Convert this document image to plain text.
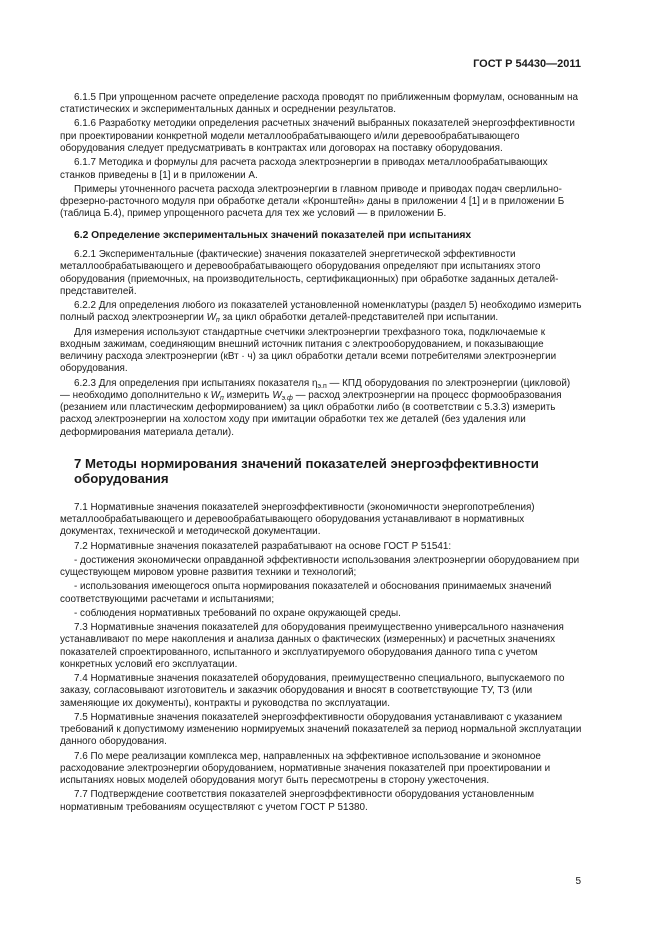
ГОСТ Р 54430—2011

6.1.5 При упрощенном расчете определение расхода проводят по приближенным формулам, основанным на статистических и экспериментальных данных и осреднении результатов.

6.1.6 Разработку методики определения расчетных значений выбранных показателей энергоэффективности при проектировании конкретной модели металлообрабатывающего и/или деревообрабатывающего оборудования следует предусматривать в контрактах или договорах на поставку оборудования.

6.1.7 Методика и формулы для расчета расхода электроэнергии в приводах металлообрабатывающих станков приведены в [1] и в приложении А.

Примеры уточненного расчета расхода электроэнергии в главном приводе и приводах подач сверлильно-фрезерно-расточного модуля при обработке детали «Кронштейн» даны в приложении 4 [1] и в приложении Б (таблица Б.4), пример упрощенного расчета для тех же условий — в приложении Б.

6.2 Определение экспериментальных значений показателей при испытаниях

6.2.1 Экспериментальные (фактические) значения показателей энергетической эффективности металлообрабатывающего и деревообрабатывающего оборудования определяют при испытаниях этого оборудования (приемочных, на производительность, сертификационных) при обработке заданных деталей-представителей.

6.2.2 Для определения любого из показателей установленной номенклатуры (раздел 5) необходимо измерить полный расход электроэнергии $W_п$ за цикл обработки деталей-представителей при испытании.

Для измерения используют стандартные счетчики электроэнергии трехфазного тока, подключаемые к входным зажимам, соединяющим внешний источник питания с электрооборудованием, и показывающие величину расхода электроэнергии (кВт · ч) за цикл обработки детали всеми потребителями электроэнергии оборудования.

6.2.3 Для определения при испытаниях показателя $\eta_{э.п}$ — КПД оборудования по электроэнергии (цикловой) — необходимо дополнительно к $W_п$ измерить $W_{э.ф}$ — расход электроэнергии на процесс формообразования (резанием или пластическим деформированием) за цикл обработки либо (в соответствии с 5.3.3) измерить расход электроэнергии на холостом ходу при имитации обработки тех же деталей (без удаления или деформирования материала детали).

7 Методы нормирования значений показателей энергоэффективности оборудования

7.1 Нормативные значения показателей энергоэффективности (экономичности энергопотребления) металлообрабатывающего и деревообрабатывающего оборудования устанавливают в нормативных документах, технической и методической документации.

7.2 Нормативные значения показателей разрабатывают на основе ГОСТ Р 51541:

- достижения экономически оправданной эффективности использования электроэнергии оборудованием при существующем мировом уровне развития техники и технологий;

- использования имеющегося опыта нормирования показателей и обоснования принимаемых значений соответствующими расчетами и испытаниями;

- соблюдения нормативных требований по охране окружающей среды.

7.3 Нормативные значения показателей для оборудования преимущественно универсального назначения устанавливают по мере накопления и анализа данных о фактических (измеренных) и расчетных значениях показателей спроектированного, испытанного и эксплуатируемого оборудования данного типа с учетом конкретных условий его эксплуатации.

7.4 Нормативные значения показателей оборудования, преимущественно специального, выпускаемого по заказу, согласовывают изготовитель и заказчик оборудования и вносят в соответствующие ТУ, ТЗ (или заменяющие их документы), контракты и руководства по эксплуатации.

7.5 Нормативные значения показателей энергоэффективности оборудования устанавливают с указанием требований к допустимому изменению нормируемых значений показателей за период нормальной эксплуатации данного оборудования.

7.6 По мере реализации комплекса мер, направленных на эффективное использование и экономное расходование электроэнергии оборудованием, нормативные значения показателей при проектировании и испытаниях новых моделей оборудования могут быть пересмотрены в сторону ужесточения.

7.7 Подтверждение соответствия показателей энергоэффективности оборудования установленным нормативным требованиям осуществляют с учетом ГОСТ Р 51380.

5
